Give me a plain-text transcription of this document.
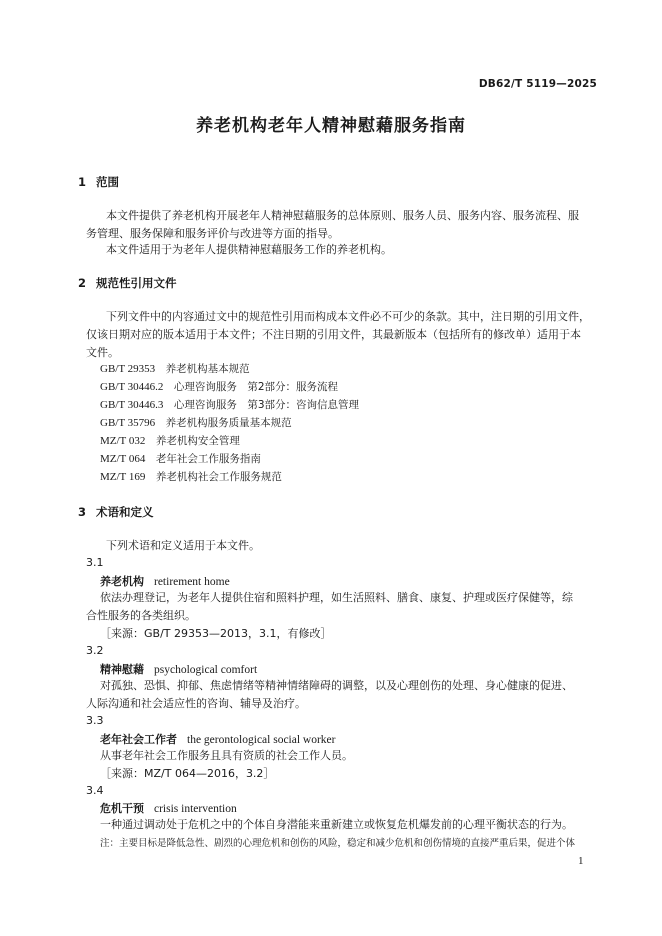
DB62/T 5119—2025
养老机构老年人精神慰藉服务指南
1 范围
本文件提供了养老机构开展老年人精神慰藉服务的总体原则、服务人员、服务内容、服务流程、服
务管理、服务保障和服务评价与改进等方面的指导。
本文件适用于为老年人提供精神慰藉服务工作的养老机构。
2 规范性引用文件
下列文件中的内容通过文中的规范性引用而构成本文件必不可少的条款。其中，注日期的引用文件，
仅该日期对应的版本适用于本文件；不注日期的引用文件，其最新版本（包括所有的修改单）适用于本
文件。
GB/T 29353　 养老机构基本规范
GB/T 30446.2　 心理咨询服务　第2部分：服务流程
GB/T 30446.3　 心理咨询服务　第3部分：咨询信息管理
GB/T 35796　 养老机构服务质量基本规范
MZ/T 032　 养老机构安全管理
MZ/T 064　 老年社会工作服务指南
MZ/T 169　 养老机构社会工作服务规范
3 术语和定义
下列术语和定义适用于本文件。
3.1
养老机构 retirement home
依法办理登记，为老年人提供住宿和照料护理，如生活照料、膳食、康复、护理或医疗保健等，综
合性服务的各类组织。
［来源：GB/T 29353—2013，3.1，有修改］
3.2
精神慰藉 psychological comfort
对孤独、恐惧、抑郁、焦虑情绪等精神情绪障碍的调整，以及心理创伤的处理、身心健康的促进、
人际沟通和社会适应性的咨询、辅导及治疗。
3.3
老年社会工作者 the gerontological social worker
从事老年社会工作服务且具有资质的社会工作人员。
［来源：MZ/T 064—2016，3.2］
3.4
危机干预 crisis intervention
一种通过调动处于危机之中的个体自身潜能来重新建立或恢复危机爆发前的心理平衡状态的行为。
注：主要目标是降低急性、剧烈的心理危机和创伤的风险，稳定和减少危机和创伤情境的直接严重后果，促进个体
1
